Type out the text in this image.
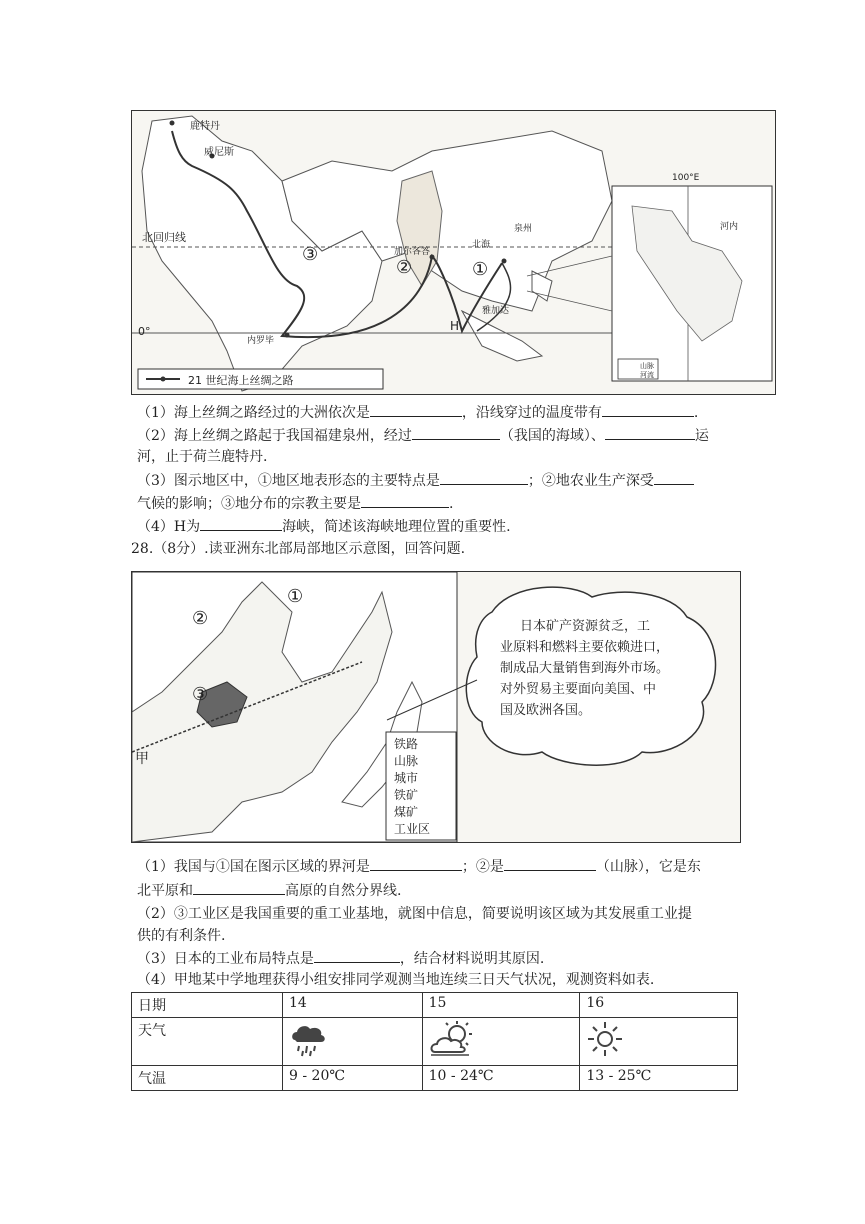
鹿特丹
威尼斯
北回归线
0°
内罗毕
加尔各答
泉州
北海
雅加达
H
①
②
③
21 世纪海上丝绸之路
100°E
河内
山脉
河流
（1）海上丝绸之路经过的大洲依次是	，沿线穿过的温度带有	.
（2）海上丝绸之路起于我国福建泉州，经过	（我国的海域）、	运
河，止于荷兰鹿特丹.
（3）图示地区中，①地区地表形态的主要特点是	；②地农业生产深受
气候的影响；③地分布的宗教主要是	.
（4）H为	海峡，简述该海峡地理位置的重要性.
28.（8分）.读亚洲东北部局部地区示意图，回答问题.
①
②
③
甲
铁路
山脉
城市
铁矿
煤矿
工业区
日本矿产资源贫乏，工
业原料和燃料主要依赖进口，
制成品大量销售到海外市场。
对外贸易主要面向美国、中
国及欧洲各国。
（1）我国与①国在图示区域的界河是	；②是	（山脉），它是东
北平原和	高原的自然分界线.
（2）③工业区是我国重要的重工业基地，就图中信息，简要说明该区域为其发展重工业提
供的有利条件.
（3）日本的工业布局特点是	，结合材料说明其原因.
（4）甲地某中学地理获得小组安排同学观测当地连续三日天气状况，观测资料如表.
日期	14	15	16
天气			
气温	9 - 20℃	10 - 24℃	13 - 25℃
